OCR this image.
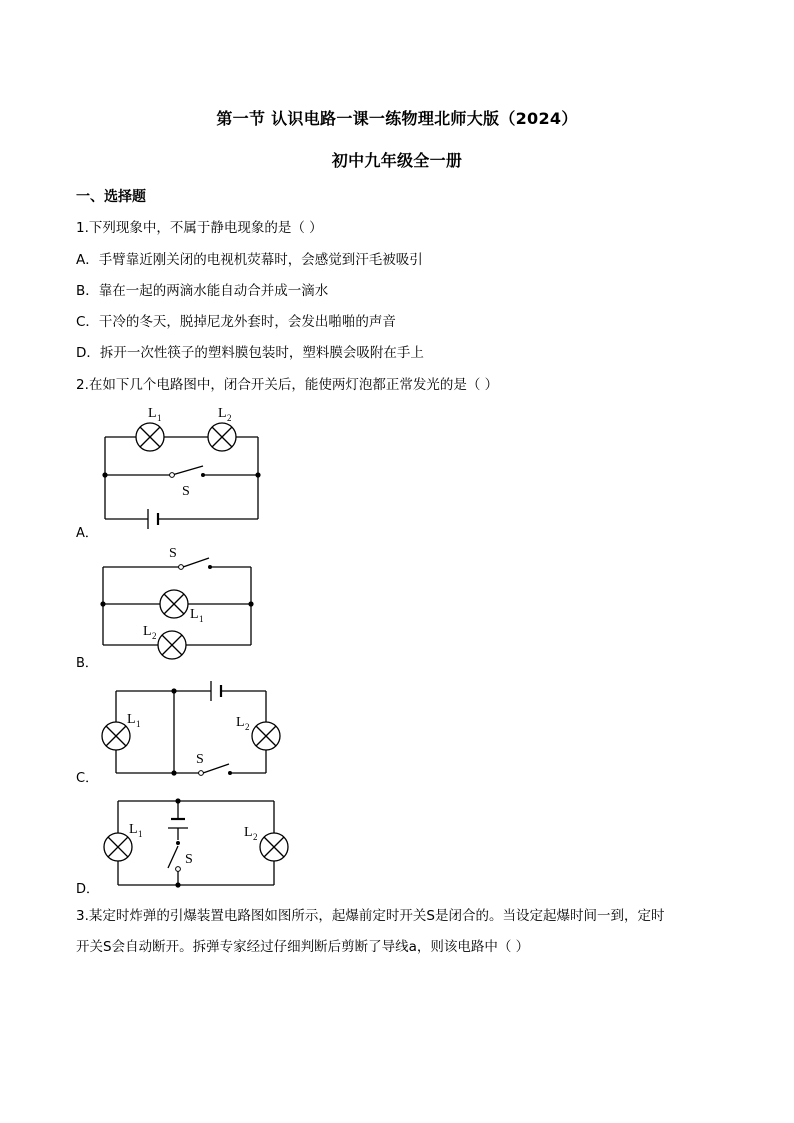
第一节 认识电路一课一练物理北师大版（2024）
初中九年级全一册
一、选择题
1.下列现象中，不属于静电现象的是（ ）
A．手臂靠近刚关闭的电视机荧幕时，会感觉到汗毛被吸引
B．靠在一起的两滴水能自动合并成一滴水
C．干冷的冬天，脱掉尼龙外套时，会发出啪啪的声音
D．拆开一次性筷子的塑料膜包装时，塑料膜会吸附在手上
2.在如下几个电路图中，闭合开关后，能使两灯泡都正常发光的是（ ）
L 1	L 2
S
A．
S
L 1
L 2
B．
L 1	L 2
S
C．
L 1	L 2
S
D．
3.某定时炸弹的引爆装置电路图如图所示，起爆前定时开关S是闭合的。当设定起爆时间一到，定时
开关S会自动断开。拆弹专家经过仔细判断后剪断了导线a，则该电路中（ ）
